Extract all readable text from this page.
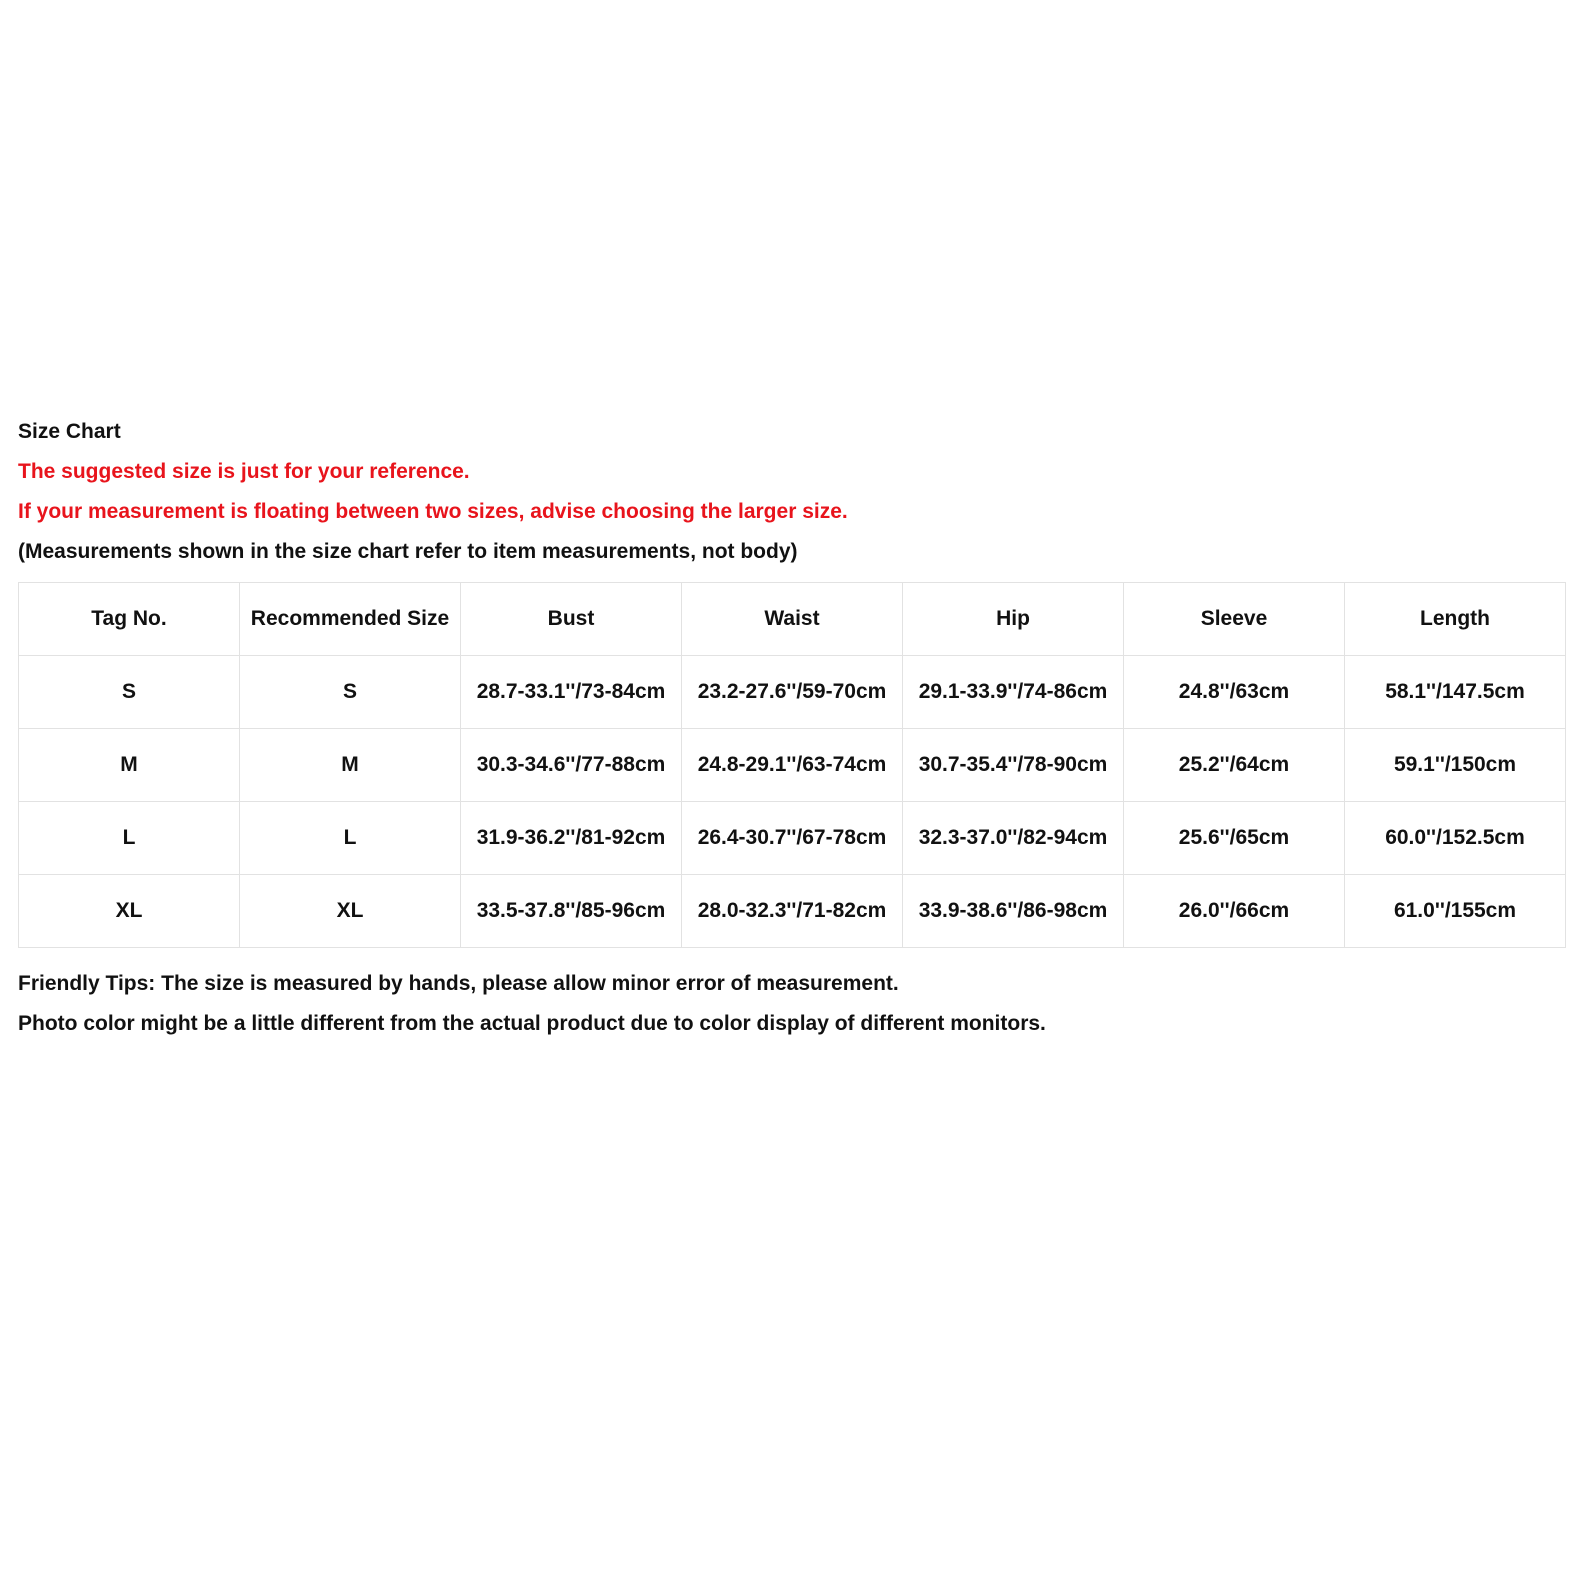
Size Chart
The suggested size is just for your reference.
If your measurement is floating between two sizes, advise choosing the larger size.
(Measurements shown in the size chart refer to item measurements, not body)
Tag No.	Recommended Size	Bust	Waist	Hip	Sleeve	Length
S	S	28.7-33.1''/73-84cm	23.2-27.6''/59-70cm	29.1-33.9''/74-86cm	24.8''/63cm	58.1''/147.5cm
M	M	30.3-34.6''/77-88cm	24.8-29.1''/63-74cm	30.7-35.4''/78-90cm	25.2''/64cm	59.1''/150cm
L	L	31.9-36.2''/81-92cm	26.4-30.7''/67-78cm	32.3-37.0''/82-94cm	25.6''/65cm	60.0''/152.5cm
XL	XL	33.5-37.8''/85-96cm	28.0-32.3''/71-82cm	33.9-38.6''/86-98cm	26.0''/66cm	61.0''/155cm
Friendly Tips: The size is measured by hands, please allow minor error of measurement.
Photo color might be a little different from the actual product due to color display of different monitors.
